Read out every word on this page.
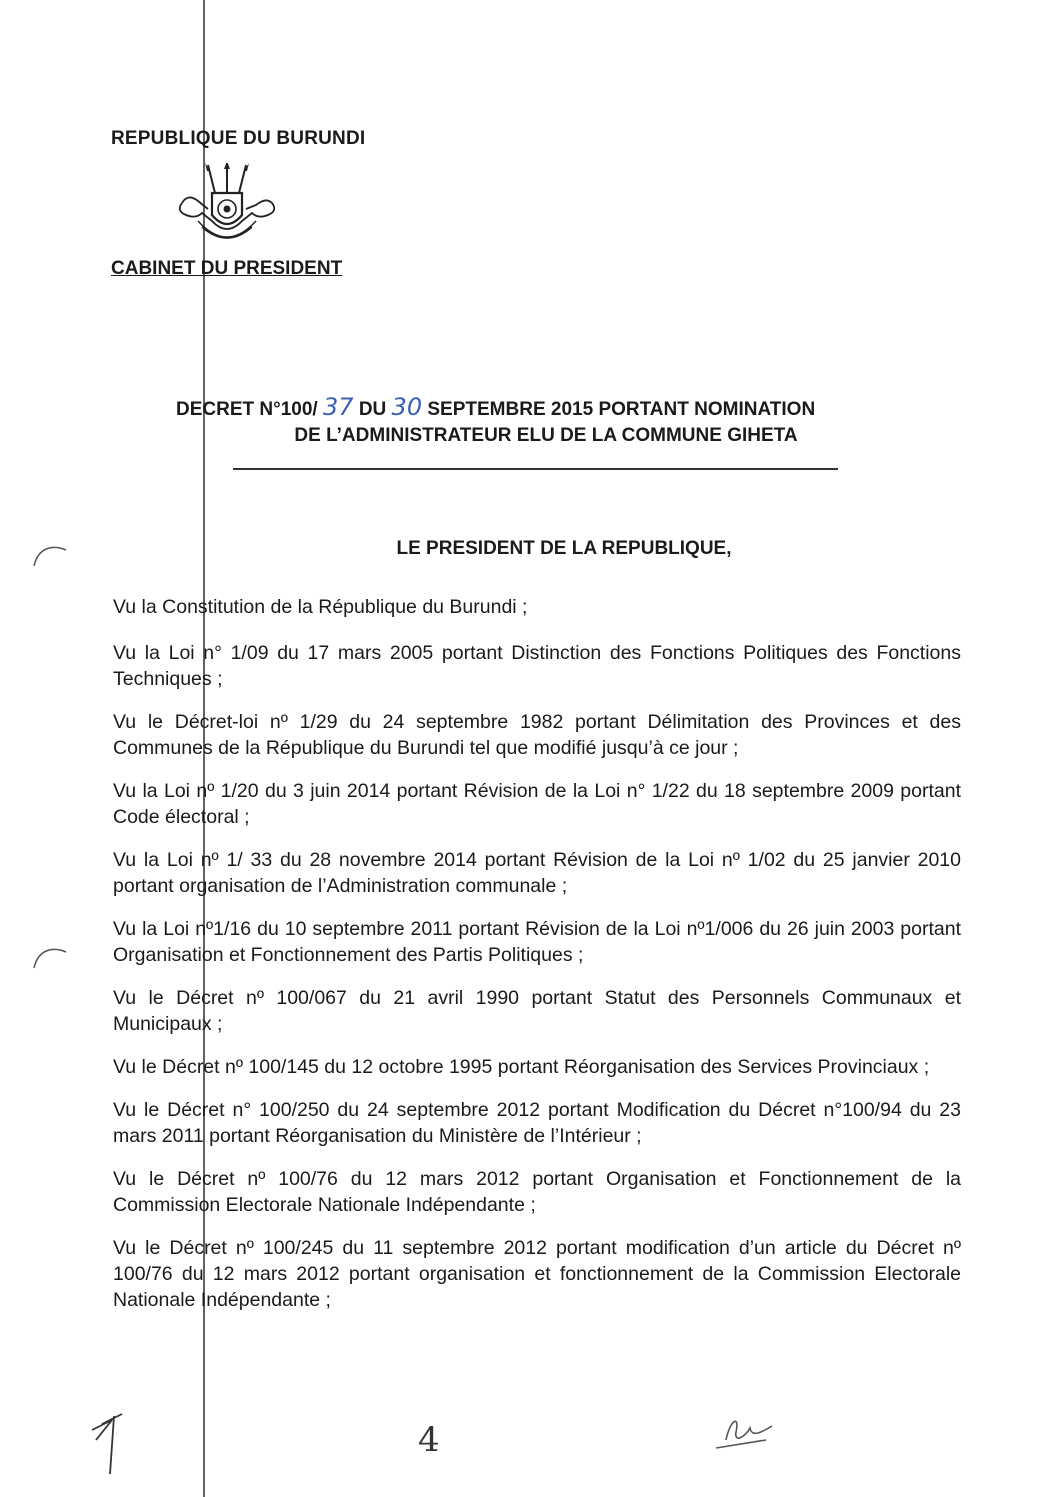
REPUBLIQUE DU BURUNDI

CABINET DU PRESIDENT

DECRET N°100/ 37 DU 30 SEPTEMBRE 2015 PORTANT NOMINATION
DE L’ADMINISTRATEUR ELU DE LA COMMUNE GIHETA

LE PRESIDENT DE LA REPUBLIQUE,

Vu la Constitution de la République du Burundi ;

Vu la Loi n° 1/09 du 17 mars 2005 portant Distinction des Fonctions Politiques des Fonctions Techniques ;

Vu le Décret-loi nº 1/29 du 24 septembre 1982 portant Délimitation des Provinces et des Communes de la République du Burundi tel que modifié jusqu’à ce jour ;

Vu la Loi nº 1/20 du 3 juin 2014 portant Révision de la Loi n° 1/22 du 18 septembre 2009 portant Code électoral ;

Vu la Loi nº 1/ 33 du 28 novembre 2014 portant Révision de la Loi nº 1/02 du 25 janvier 2010 portant organisation de l’Administration communale ;

Vu la Loi nº1/16 du 10 septembre 2011 portant Révision de la Loi nº1/006 du 26 juin 2003 portant Organisation et Fonctionnement des Partis Politiques ;

Vu le Décret nº 100/067 du 21 avril 1990 portant Statut des Personnels Communaux et Municipaux ;

Vu le Décret nº 100/145 du 12 octobre 1995 portant Réorganisation des Services Provinciaux ;

Vu le Décret n° 100/250 du 24 septembre 2012 portant Modification du Décret n°100/94 du 23 mars 2011 portant Réorganisation du Ministère de l’Intérieur ;

Vu le Décret nº 100/76 du 12 mars 2012 portant Organisation et Fonctionnement de la Commission Electorale Nationale Indépendante ;

Vu le Décret nº 100/245 du 11 septembre 2012 portant modification d’un article du Décret nº 100/76 du 12 mars 2012 portant organisation et fonctionnement de la Commission Electorale Nationale Indépendante ;

4
